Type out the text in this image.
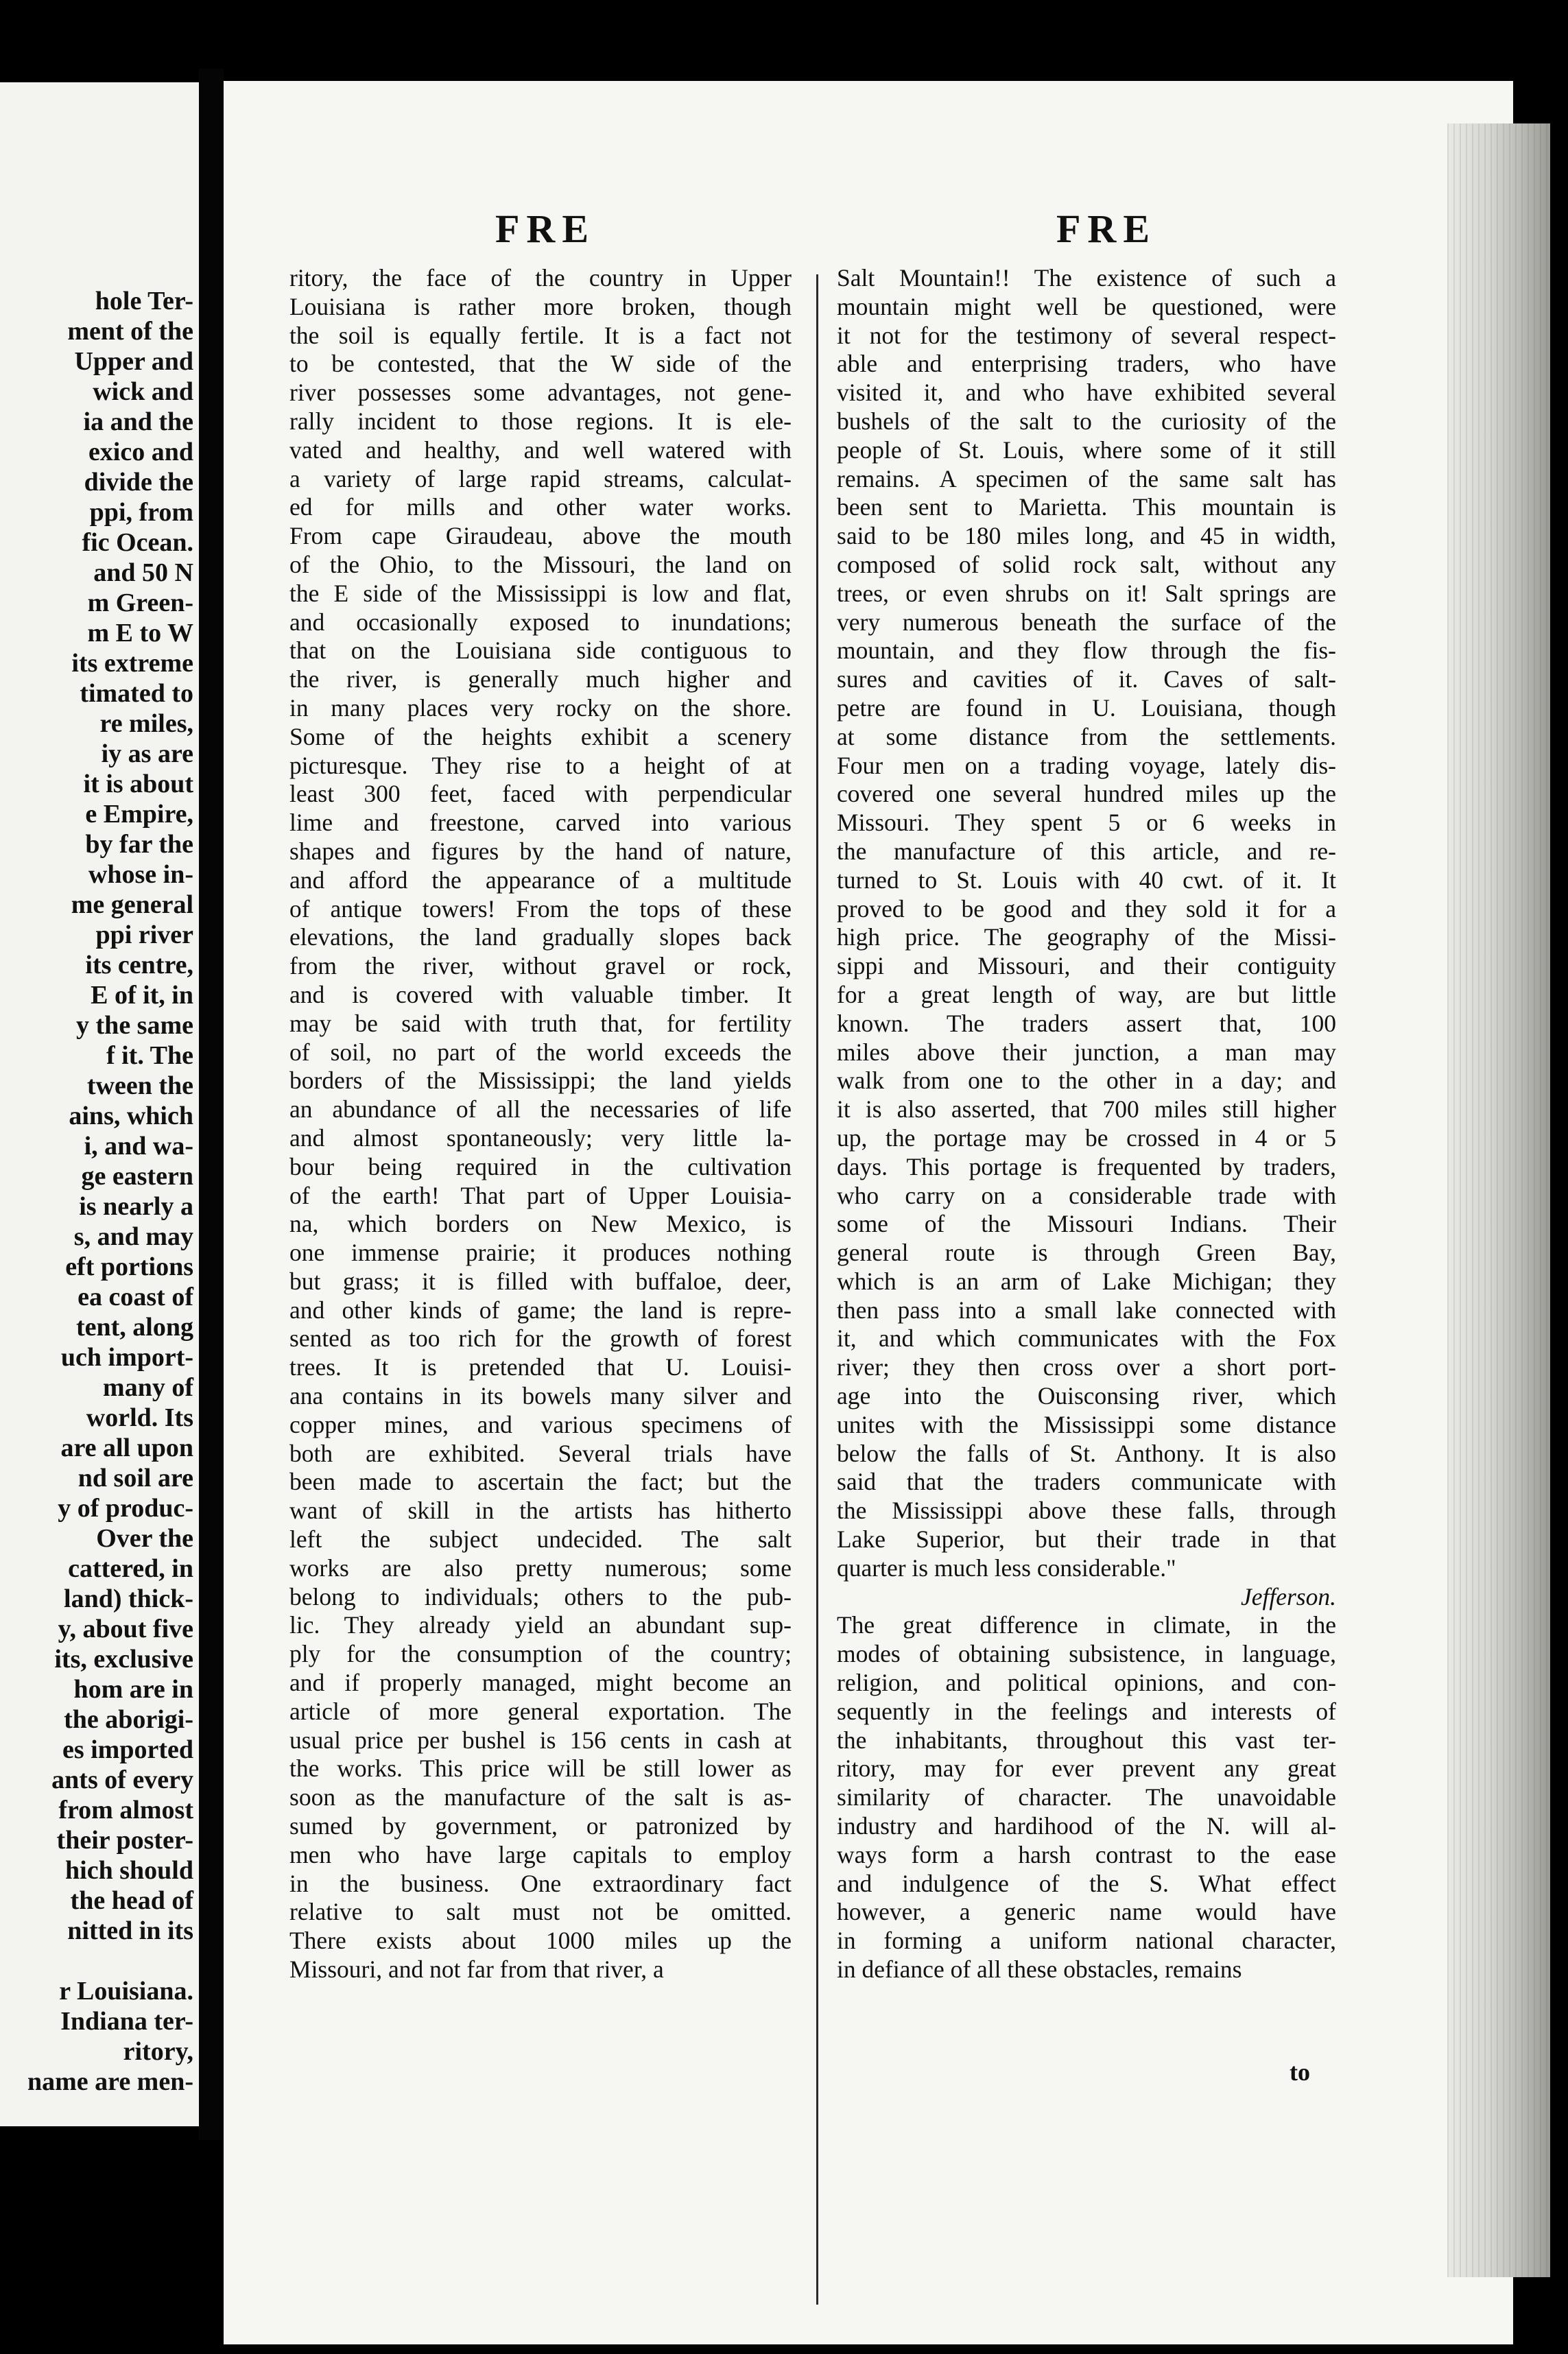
hole Ter-
ment of the
Upper and
wick and
ia and the
exico and
divide the
ppi, from
fic Ocean.
and 50 N
m Green-
m E to W
its extreme
timated to
re miles,
iy as are
it is about
e Empire,
by far the
whose in-
me general
ppi river
its centre,
E of it, in
y the same
f it. The
tween the
ains, which
i, and wa-
ge eastern
is nearly a
s, and may
eft portions
ea coast of
tent, along
uch import-
many of
world. Its
are all upon
nd soil are
y of produc-
Over the
cattered, in
land) thick-
y, about five
its, exclusive
hom are in
the aborigi-
es imported
ants of every
from almost
their poster-
hich should
the head of
nitted in its
r Louisiana.
Indiana ter-
ritory,
name are men-
FRE	FRE
ritory, the face of the country in Upper
Louisiana is rather more broken, though
the soil is equally fertile. It is a fact not
to be contested, that the W side of the
river possesses some advantages, not gene-
rally incident to those regions. It is ele-
vated and healthy, and well watered with
a variety of large rapid streams, calculat-
ed for mills and other water works.
From cape Giraudeau, above the mouth
of the Ohio, to the Missouri, the land on
the E side of the Mississippi is low and flat,
and occasionally exposed to inundations;
that on the Louisiana side contiguous to
the river, is generally much higher and
in many places very rocky on the shore.
Some of the heights exhibit a scenery
picturesque. They rise to a height of at
least 300 feet, faced with perpendicular
lime and freestone, carved into various
shapes and figures by the hand of nature,
and afford the appearance of a multitude
of antique towers! From the tops of these
elevations, the land gradually slopes back
from the river, without gravel or rock,
and is covered with valuable timber. It
may be said with truth that, for fertility
of soil, no part of the world exceeds the
borders of the Mississippi; the land yields
an abundance of all the necessaries of life
and almost spontaneously; very little la-
bour being required in the cultivation
of the earth! That part of Upper Louisia-
na, which borders on New Mexico, is
one immense prairie; it produces nothing
but grass; it is filled with buffaloe, deer,
and other kinds of game; the land is repre-
sented as too rich for the growth of forest
trees. It is pretended that U. Louisi-
ana contains in its bowels many silver and
copper mines, and various specimens of
both are exhibited. Several trials have
been made to ascertain the fact; but the
want of skill in the artists has hitherto
left the subject undecided. The salt
works are also pretty numerous; some
belong to individuals; others to the pub-
lic. They already yield an abundant sup-
ply for the consumption of the country;
and if properly managed, might become an
article of more general exportation. The
usual price per bushel is 156 cents in cash at
the works. This price will be still lower as
soon as the manufacture of the salt is as-
sumed by government, or patronized by
men who have large capitals to employ
in the business. One extraordinary fact
relative to salt must not be omitted.
There exists about 1000 miles up the
Missouri, and not far from that river, a
Salt Mountain!! The existence of such a
mountain might well be questioned, were
it not for the testimony of several respect-
able and enterprising traders, who have
visited it, and who have exhibited several
bushels of the salt to the curiosity of the
people of St. Louis, where some of it still
remains. A specimen of the same salt has
been sent to Marietta. This mountain is
said to be 180 miles long, and 45 in width,
composed of solid rock salt, without any
trees, or even shrubs on it! Salt springs are
very numerous beneath the surface of the
mountain, and they flow through the fis-
sures and cavities of it. Caves of salt-
petre are found in U. Louisiana, though
at some distance from the settlements.
Four men on a trading voyage, lately dis-
covered one several hundred miles up the
Missouri. They spent 5 or 6 weeks in
the manufacture of this article, and re-
turned to St. Louis with 40 cwt. of it. It
proved to be good and they sold it for a
high price. The geography of the Missi-
sippi and Missouri, and their contiguity
for a great length of way, are but little
known. The traders assert that, 100
miles above their junction, a man may
walk from one to the other in a day; and
it is also asserted, that 700 miles still higher
up, the portage may be crossed in 4 or 5
days. This portage is frequented by traders,
who carry on a considerable trade with
some of the Missouri Indians. Their
general route is through Green Bay,
which is an arm of Lake Michigan; they
then pass into a small lake connected with
it, and which communicates with the Fox
river; they then cross over a short port-
age into the Ouisconsing river, which
unites with the Mississippi some distance
below the falls of St. Anthony. It is also
said that the traders communicate with
the Mississippi above these falls, through
Lake Superior, but their trade in that
quarter is much less considerable."
Jefferson.
The great difference in climate, in the
modes of obtaining subsistence, in language,
religion, and political opinions, and con-
sequently in the feelings and interests of
the inhabitants, throughout this vast ter-
ritory, may for ever prevent any great
similarity of character. The unavoidable
industry and hardihood of the N. will al-
ways form a harsh contrast to the ease
and indulgence of the S. What effect
however, a generic name would have
in forming a uniform national character,
in defiance of all these obstacles, remains
to
